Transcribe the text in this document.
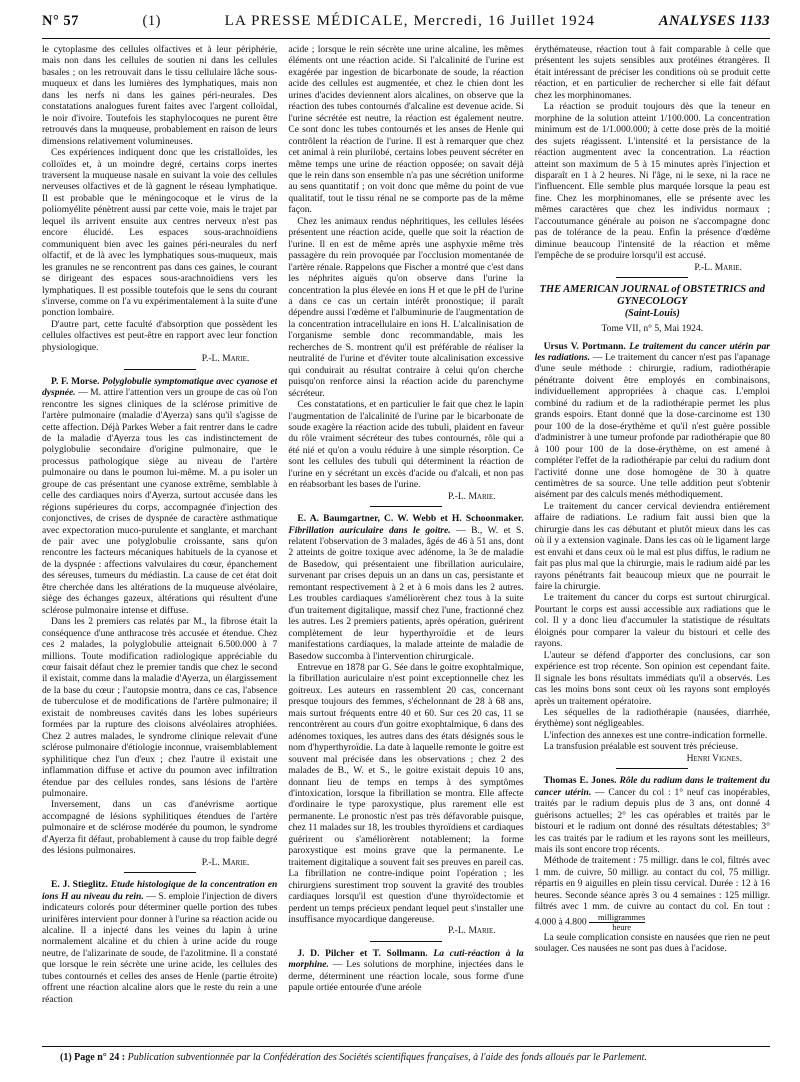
N° 57	(1)	LA PRESSE MÉDICALE, Mercredi, 16 Juillet 1924	ANALYSES 1133

le cytoplasme des cellules olfactives et à leur périphérie, mais non dans les cellules de soutien ni dans les cellules basales ; on les retrouvait dans le tissu cellulaire lâche sous-muqueux et dans les lumières des lymphatiques, mais non dans les nerfs ni dans les gaines péri-neurales. Des constatations analogues furent faites avec l'argent colloïdal, le noir d'ivoire. Toutefois les staphylocoques ne purent être retrouvés dans la muqueuse, probablement en raison de leurs dimensions relativement volumineuses.

Ces expériences indiquent donc que les cristalloïdes, les colloïdes et, à un moindre degré, certains corps inertes traversent la muqueuse nasale en suivant la voie des cellules nerveuses olfactives et de là gagnent le réseau lymphatique. Il est probable que le méningocoque et le virus de la poliomyélite pénètrent aussi par cette voie, mais le trajet par lequel ils arrivent ensuite aux centres nerveux n'est pas encore élucidé. Les espaces sous-arachnoïdiens communiquent bien avec les gaines péri-neurales du nerf olfactif, et de là avec les lymphatiques sous-muqueux, mais les granules ne se rencontrent pas dans ces gaines, le courant se dirigeant des espaces sous-arachnoïdiens vers les lymphatiques. Il est possible toutefois que le sens du courant s'inverse, comme on l'a vu expérimentalement à la suite d'une ponction lombaire.

D'autre part, cette faculté d'absorption que possèdent les cellules olfactives est peut-être en rapport avec leur fonction physiologique.

P.-L. Marie.

P. F. Morse. Polyglobulie symptomatique avec cyanose et dyspnée. — M. attire l'attention vers un groupe de cas où l'on rencontre les signes cliniques de la sclérose primitive de l'artère pulmonaire (maladie d'Ayerza) sans qu'il s'agisse de cette affection. Déjà Parkes Weber a fait rentrer dans le cadre de la maladie d'Ayerza tous les cas indistinctement de polyglobulie secondaire d'origine pulmonaire, que le processus pathologique siège au niveau de l'artère pulmonaire ou dans le poumon lui-même. M. a pu isoler un groupe de cas présentant une cyanose extrême, semblable à celle des cardiaques noirs d'Ayerza, surtout accusée dans les régions supérieures du corps, accompagnée d'injection des conjonctives, de crises de dyspnée de caractère asthmatique avec expectoration muco-purulente et sanglante, et marchant de pair avec une polyglobulie croissante, sans qu'on rencontre les facteurs mécaniques habituels de la cyanose et de la dyspnée : affections valvulaires du cœur, épanchement des séreuses, tumeurs du médiastin. La cause de cet état doit être cherchée dans les altérations de la muqueuse alvéolaire, siège des échanges gazeux, altérations qui résultent d'une sclérose pulmonaire intense et diffuse.

Dans les 2 premiers cas relatés par M., la fibrose était la conséquence d'une anthracose très accusée et étendue. Chez ces 2 malades, la polyglobulie atteignait 6.500.000 à 7 millions. Toute modification radiologique appréciable du cœur faisait défaut chez le premier tandis que chez le second il existait, comme dans la maladie d'Ayerza, un élargissement de la base du cœur ; l'autopsie montra, dans ce cas, l'absence de tuberculose et de modifications de l'artère pulmonaire; il existait de nombreuses cavités dans les lobes supérieurs formées par la rupture des cloisons alvéolaires atrophiées. Chez 2 autres malades, le syndrome clinique relevait d'une sclérose pulmonaire d'étiologie inconnue, vraisemblablement syphilitique chez l'un d'eux ; chez l'autre il existait une inflammation diffuse et active du poumon avec infiltration étendue par des cellules rondes, sans lésions de l'artère pulmonaire.

Inversement, dans un cas d'anévrisme aortique accompagné de lésions syphilitiques étendues de l'artère pulmonaire et de sclérose modérée du poumon, le syndrome d'Ayerza fit défaut, probablement à cause du trop faible degré des lésions pulmonaires.

P.-L. Marie.

E. J. Stieglitz. Etude histologique de la concentration en ions H au niveau du rein. — S. emploie l'injection de divers indicateurs colorés pour déterminer quelle portion des tubes urinifères intervient pour donner à l'urine sa réaction acide ou alcaline. Il a injecté dans les veines du lapin à urine normalement alcaline et du chien à urine acide du rouge neutre, de l'alizarinate de soude, de l'azolitmine. Il a constaté que lorsque le rein sécrète une urine acide, les cellules des tubes contournés et celles des anses de Henle (partie étroite) offrent une réaction alcaline alors que le reste du rein a une réaction

acide ; lorsque le rein sécrète une urine alcaline, les mêmes éléments ont une réaction acide. Si l'alcalinité de l'urine est exagérée par ingestion de bicarbonate de soude, la réaction acide des cellules est augmentée, et chez le chien dont les urines d'acides deviennent alors alcalines, on observe que la réaction des tubes contournés d'alcaline est devenue acide. Si l'urine sécrétée est neutre, la réaction est également neutre. Ce sont donc les tubes contournés et les anses de Henle qui contrôlent la réaction de l'urine. Il est à remarquer que chez cet animal à rein plurilobé, certains lobes peuvent sécréter en même temps une urine de réaction opposée; on savait déjà que le rein dans son ensemble n'a pas une sécrétion uniforme au sens quantitatif ; on voit donc que même du point de vue qualitatif, tout le tissu rénal ne se comporte pas de la même façon.

Chez les animaux rendus néphritiques, les cellules lésées présentent une réaction acide, quelle que soit la réaction de l'urine. Il en est de même après une asphyxie même très passagère du rein provoquée par l'occlusion momentanée de l'artère rénale. Rappelons que Fischer a montré que c'est dans les néphrites aiguës qu'on observe dans l'urine la concentration la plus élevée en ions H et que le pH de l'urine a dans ce cas un certain intérêt pronostique; il paraît dépendre aussi l'œdème et l'albuminurie de l'augmentation de la concentration intracellulaire en ions H. L'alcalinisation de l'organisme semble donc recommandable, mais les recherches de S. montrent qu'il est préférable de réaliser la neutralité de l'urine et d'éviter toute alcalinisation excessive qui conduirait au résultat contraire à celui qu'on cherche puisqu'on renforce ainsi la réaction acide du parenchyme sécréteur.

Ces constatations, et en particulier le fait que chez le lapin l'augmentation de l'alcalinité de l'urine par le bicarbonate de soude exagère la réaction acide des tubuli, plaident en faveur du rôle vraiment sécréteur des tubes contournés, rôle qui a été nié et qu'on a voulu réduire à une simple résorption. Ce sont les cellules des tubuli qui déterminent la réaction de l'urine en y sécrétant un excès d'acide ou d'alcali, et non pas en réabsorbant les bases de l'urine.

P.-L. Marie.

E. A. Baumgartner, C. W. Webb et H. Schoonmaker. Fibrillation auriculaire dans le goitre. — B., W. et S. relatent l'observation de 3 malades, âgés de 46 à 51 ans, dont 2 atteints de goitre toxique avec adénome, la 3e de maladie de Basedow, qui présentaient une fibrillation auriculaire, survenant par crises depuis un an dans un cas, persistante et remontant respectivement à 2 et à 6 mois dans les 2 autres. Les troubles cardiaques s'améliorèrent chez tous à la suite d'un traitement digitalique, massif chez l'une, fractionné chez les autres. Les 2 premiers patients, après opération, guérirent complètement de leur hyperthyroïdie et de leurs manifestations cardiaques, la malade atteinte de maladie de Basedow succomba à l'intervention chirurgicale.

Entrevue en 1878 par G. Sée dans le goitre exophtalmique, la fibrillation auriculaire n'est point exceptionnelle chez les goitreux. Les auteurs en rassemblent 20 cas, concernant presque toujours des femmes, s'échelonnant de 28 à 68 ans, mais surtout fréquents entre 40 et 60. Sur ces 20 cas, 11 se rencontrèrent au cours d'un goitre exophtalmique, 6 dans des adénomes toxiques, les autres dans des états désignés sous le nom d'hyperthyroïdie. La date à laquelle remonte le goitre est souvent mal précisée dans les observations ; chez 2 des malades de B., W. et S., le goitre existait depuis 10 ans, donnant lieu de temps en temps à des symptômes d'intoxication, lorsque la fibrillation se montra. Elle affecte d'ordinaire le type paroxystique, plus rarement elle est permanente. Le pronostic n'est pas très défavorable puisque, chez 11 malades sur 18, les troubles thyroïdiens et cardiaques guérirent ou s'améliorèrent notablement; la forme paroxystique est moins grave que la permanente. Le traitement digitalique a souvent fait ses preuves en pareil cas. La fibrillation ne contre-indique point l'opération ; les chirurgiens surestiment trop souvent la gravité des troubles cardiaques lorsqu'il est question d'une thyroïdectomie et perdent un temps précieux pendant lequel peut s'installer une insuffisance myocardique dangereuse.

P.-L. Marie.

J. D. Pilcher et T. Sollmann. La cuti-réaction à la morphine. — Les solutions de morphine, injectées dans le derme, déterminent une réaction locale, sous forme d'une papule ortiée entourée d'une aréole

érythémateuse, réaction tout à fait comparable à celle que présentent les sujets sensibles aux protéines étrangères. Il était intéressant de préciser les conditions où se produit cette réaction, et en particulier de rechercher si elle fait défaut chez les morphinomanes.

La réaction se produit toujours dès que la teneur en morphine de la solution atteint 1/100.000. La concentration minimum est de 1/1.000.000; à cette dose près de la moitié des sujets réagissent. L'intensité et la persistance de la réaction augmentent avec la concentration. La réaction atteint son maximum de 5 à 15 minutes après l'injection et disparaît en 1 à 2 heures. Ni l'âge, ni le sexe, ni la race ne l'influencent. Elle semble plus marquée lorsque la peau est fine. Chez les morphinomanes, elle se présente avec les mêmes caractères que chez les individus normaux ; l'accoutumance générale au poison ne s'accompagne donc pas de tolérance de la peau. Enfin la présence d'œdème diminue beaucoup l'intensité de la réaction et même l'empêche de se produire lorsqu'il est accusé.

P.-L. Marie.
THE AMERICAN JOURNAL of OBSTETRICS and GYNECOLOGY
(Saint-Louis)
Tome VII, n° 5, Mai 1924.

Ursus V. Portmann. Le traitement du cancer utérin par les radiations. — Le traitement du cancer n'est pas l'apanage d'une seule méthode : chirurgie, radium, radiothérapie pénétrante doivent être employés en combinaisons, individuellement appropriées à chaque cas. L'emploi combiné du radium et de la radiothérapie permet les plus grands espoirs. Etant donné que la dose-carcinome est 130 pour 100 de la dose-érythème et qu'il n'est guère possible d'administrer à une tumeur profonde par radiothérapie que 80 à 100 pour 100 de la dose-érythème, on est amené à compléter l'effet de la radiothérapie par celui du radium dont l'activité donne une dose homogène de 30 à quatre centimètres de sa source. Une telle addition peut s'obtenir aisément par des calculs menés méthodiquement.

Le traitement du cancer cervical deviendra entièrement affaire de radiations. Le radium fait aussi bien que la chirurgie dans les cas débutant et plutôt mieux dans les cas où il y a extension vaginale. Dans les cas où le ligament large est envahi et dans ceux où le mal est plus diffus, le radium ne fait pas plus mal que la chirurgie, mais le radium aidé par les rayons pénétrants fait beaucoup mieux que ne pourrait le faire la chirurgie.

Le traitement du cancer du corps est surtout chirurgical. Pourtant le corps est aussi accessible aux radiations que le col. Il y a donc lieu d'accumuler la statistique de résultats éloignés pour comparer la valeur du bistouri et celle des rayons.

L'auteur se défend d'apporter des conclusions, car son expérience est trop récente. Son opinion est cependant faite. Il signale les bons résultats immédiats qu'il a observés. Les cas les moins bons sont ceux où les rayons sont employés après un traitement opératoire.

Les séquelles de la radiothérapie (nausées, diarrhée, érythème) sont négligeables.

L'infection des annexes est une contre-indication formelle.

La transfusion préalable est souvent très précieuse.

Henri Vignes.

Thomas E. Jones. Rôle du radium dans le traitement du cancer utérin. — Cancer du col : 1° neuf cas inopérables, traités par le radium depuis plus de 3 ans, ont donné 4 guérisons actuelles; 2° les cas opérables et traités par le bistouri et le radium ont donné des résultats détestables; 3° les cas traités par le radium et les rayons sont les meilleurs, mais ils sont encore trop récents.

Méthode de traitement : 75 milligr. dans le col, filtrés avec 1 mm. de cuivre, 50 milligr. au contact du col, 75 milligr. répartis en 9 aiguilles en plein tissu cervical. Durée : 12 à 16 heures. Seconde séance après 3 ou 4 semaines : 125 milligr. filtrés avec 1 mm. de cuivre au contact du col. En tout : 4.000 à 4.800	milligrammes
heure

La seule complication consiste en nausées que rien ne peut soulager. Ces nausées ne sont pas dues à l'acidose.

(1) Page n° 24 : Publication subventionnée par la Confédération des Sociétés scientifiques françaises, à l'aide des fonds alloués par le Parlement.
